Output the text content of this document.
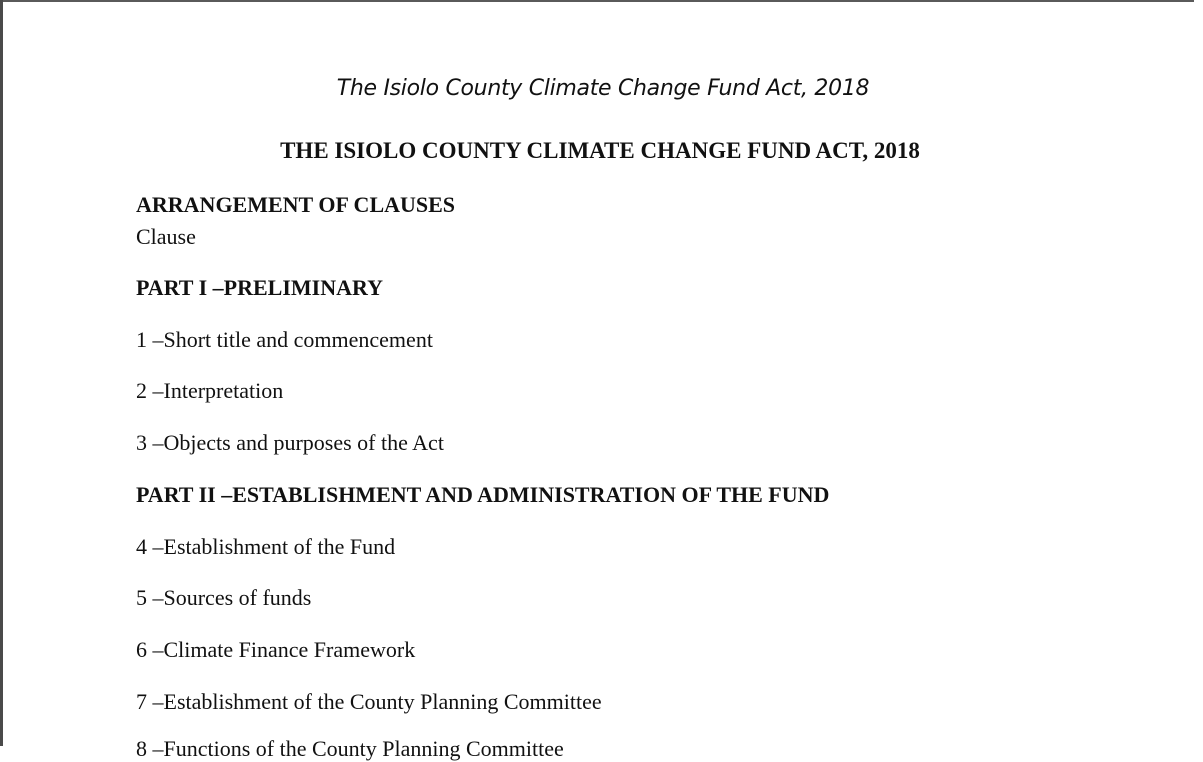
The Isiolo County Climate Change Fund Act, 2018
THE ISIOLO COUNTY CLIMATE CHANGE FUND ACT, 2018
ARRANGEMENT OF CLAUSES
Clause
PART I –PRELIMINARY
1 –Short title and commencement
2 –Interpretation
3 –Objects and purposes of the Act
PART II –ESTABLISHMENT AND ADMINISTRATION OF THE FUND
4 –Establishment of the Fund
5 –Sources of funds
6 –Climate Finance Framework
7 –Establishment of the County Planning Committee
8 –Functions of the County Planning Committee
